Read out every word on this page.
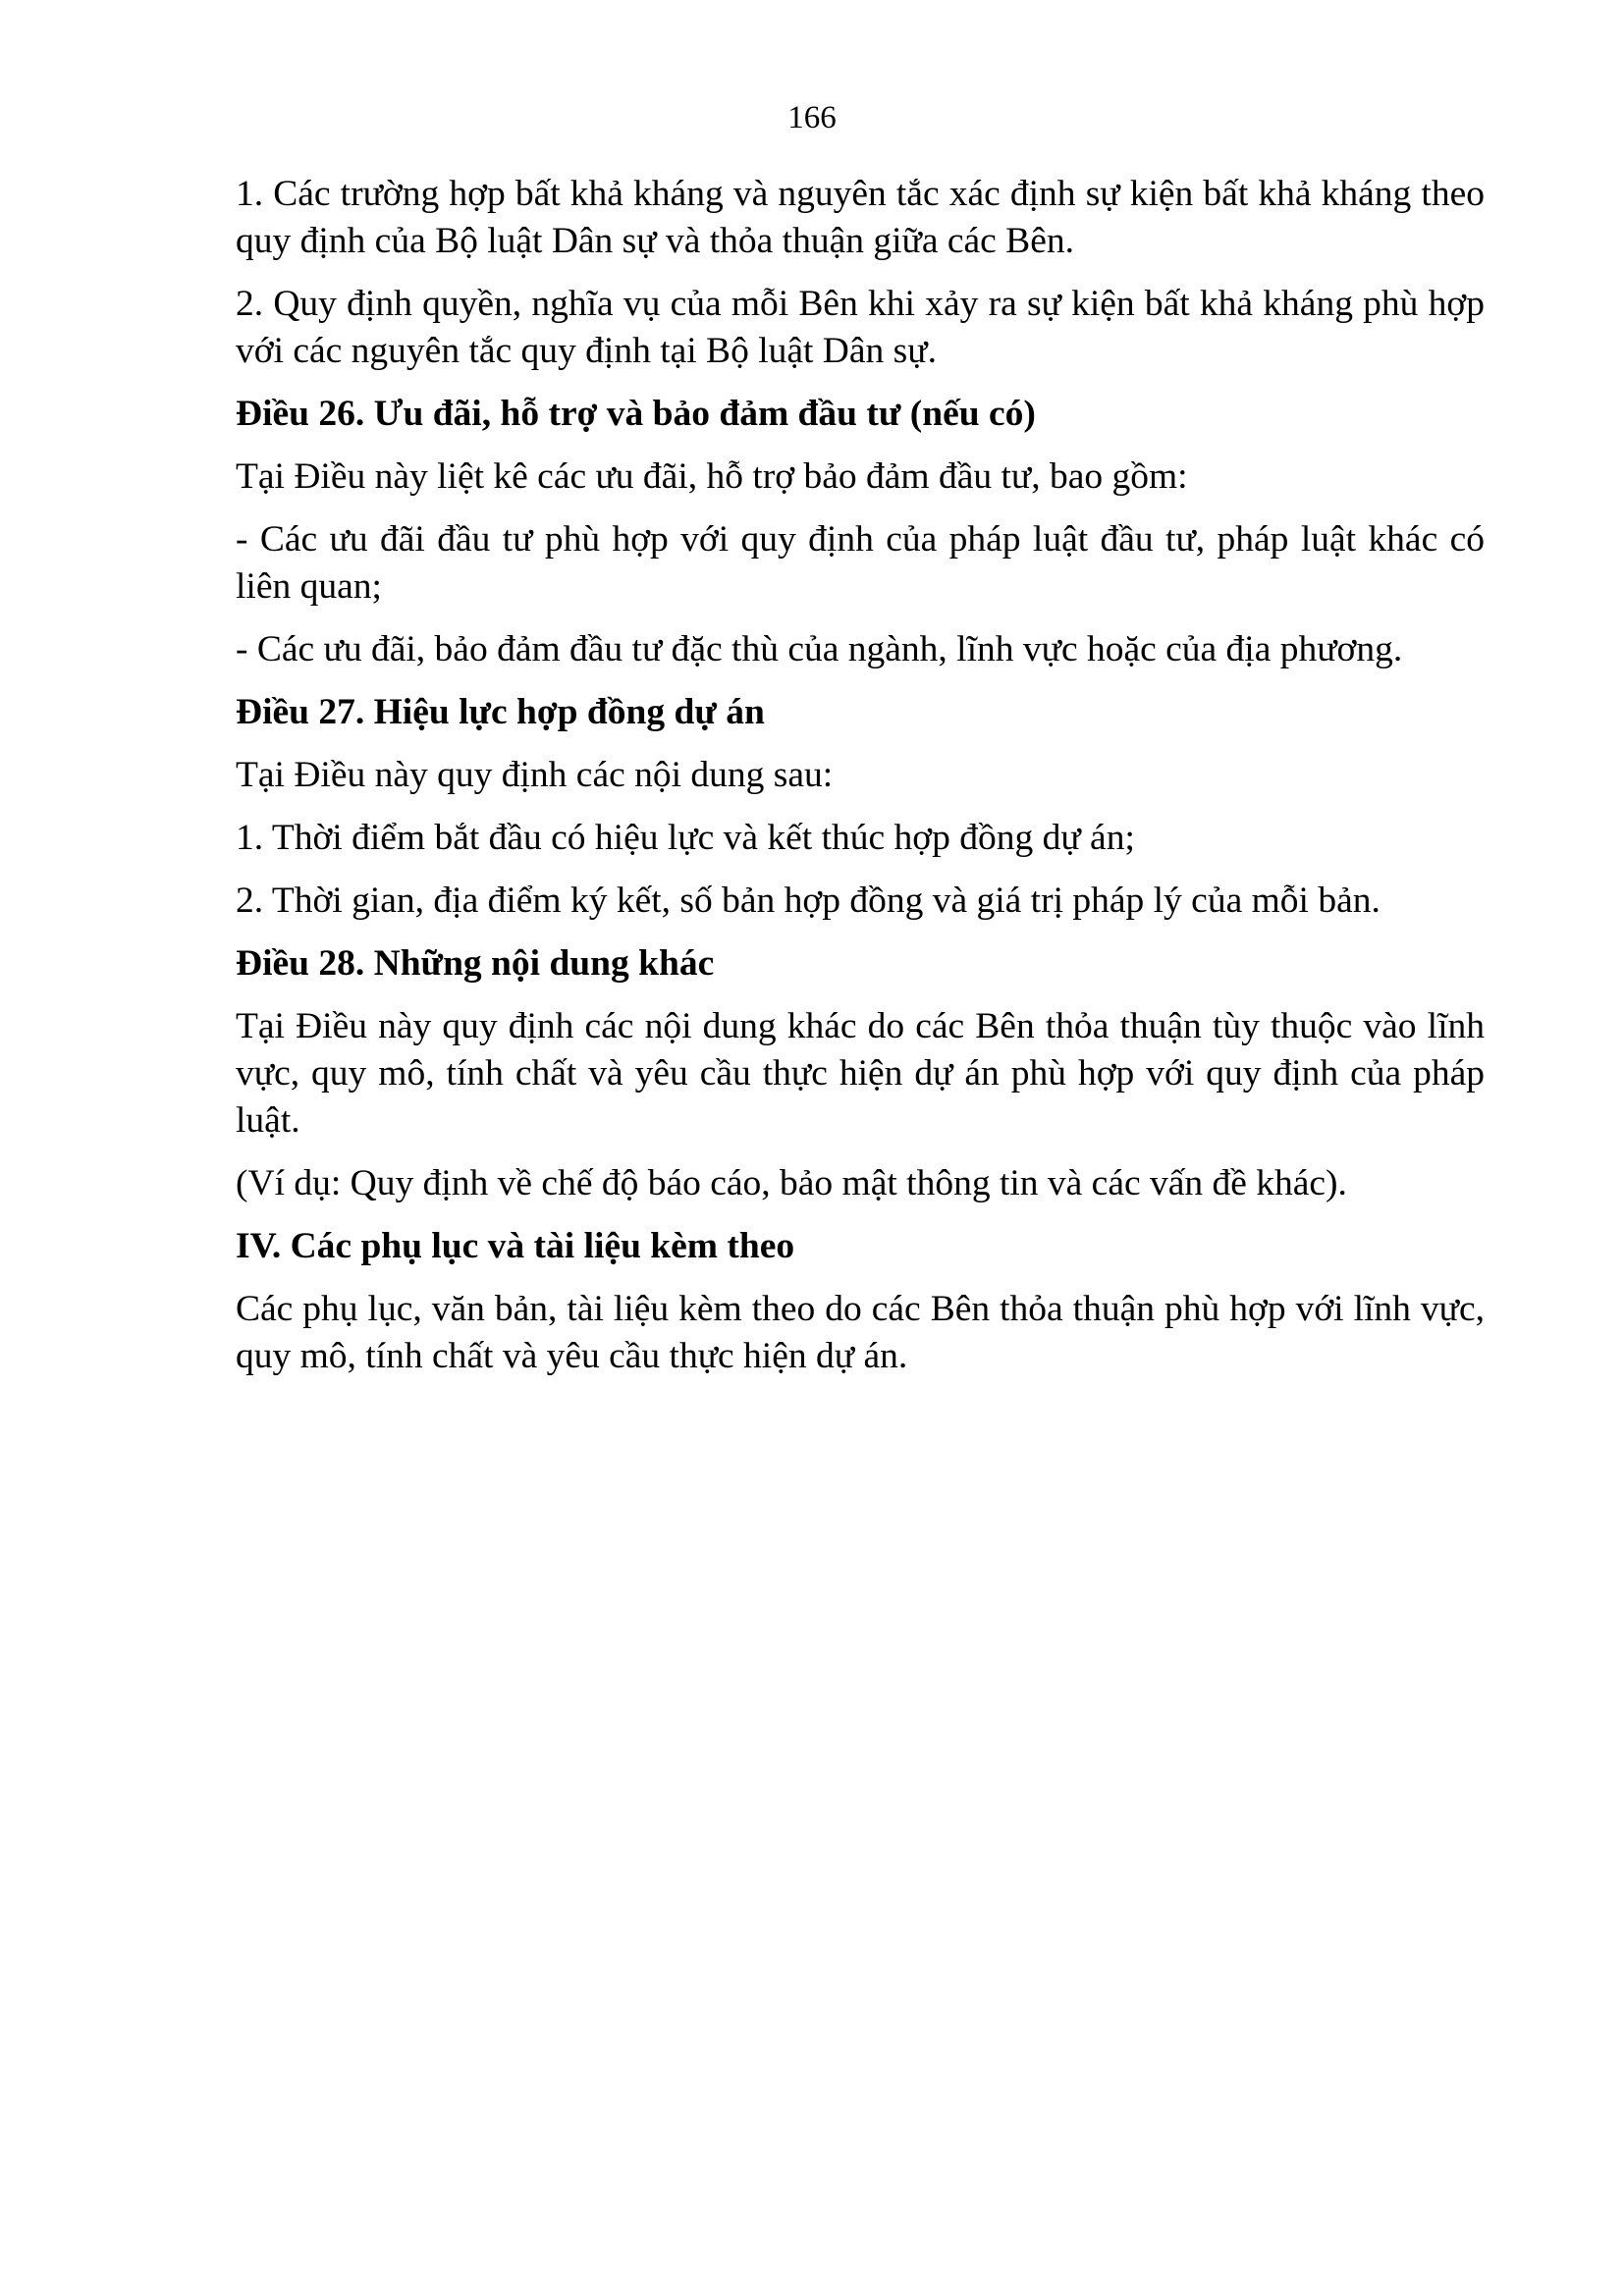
166

1. Các trường hợp bất khả kháng và nguyên tắc xác định sự kiện bất khả kháng theo quy định của Bộ luật Dân sự và thỏa thuận giữa các Bên.

2. Quy định quyền, nghĩa vụ của mỗi Bên khi xảy ra sự kiện bất khả kháng phù hợp với các nguyên tắc quy định tại Bộ luật Dân sự.

Điều 26. Ưu đãi, hỗ trợ và bảo đảm đầu tư (nếu có)

Tại Điều này liệt kê các ưu đãi, hỗ trợ bảo đảm đầu tư, bao gồm:

- Các ưu đãi đầu tư phù hợp với quy định của pháp luật đầu tư, pháp luật khác có liên quan;

- Các ưu đãi, bảo đảm đầu tư đặc thù của ngành, lĩnh vực hoặc của địa phương.

Điều 27. Hiệu lực hợp đồng dự án

Tại Điều này quy định các nội dung sau:

1. Thời điểm bắt đầu có hiệu lực và kết thúc hợp đồng dự án;

2. Thời gian, địa điểm ký kết, số bản hợp đồng và giá trị pháp lý của mỗi bản.

Điều 28. Những nội dung khác

Tại Điều này quy định các nội dung khác do các Bên thỏa thuận tùy thuộc vào lĩnh vực, quy mô, tính chất và yêu cầu thực hiện dự án phù hợp với quy định của pháp luật.

(Ví dụ: Quy định về chế độ báo cáo, bảo mật thông tin và các vấn đề khác).

IV. Các phụ lục và tài liệu kèm theo

Các phụ lục, văn bản, tài liệu kèm theo do các Bên thỏa thuận phù hợp với lĩnh vực, quy mô, tính chất và yêu cầu thực hiện dự án.
